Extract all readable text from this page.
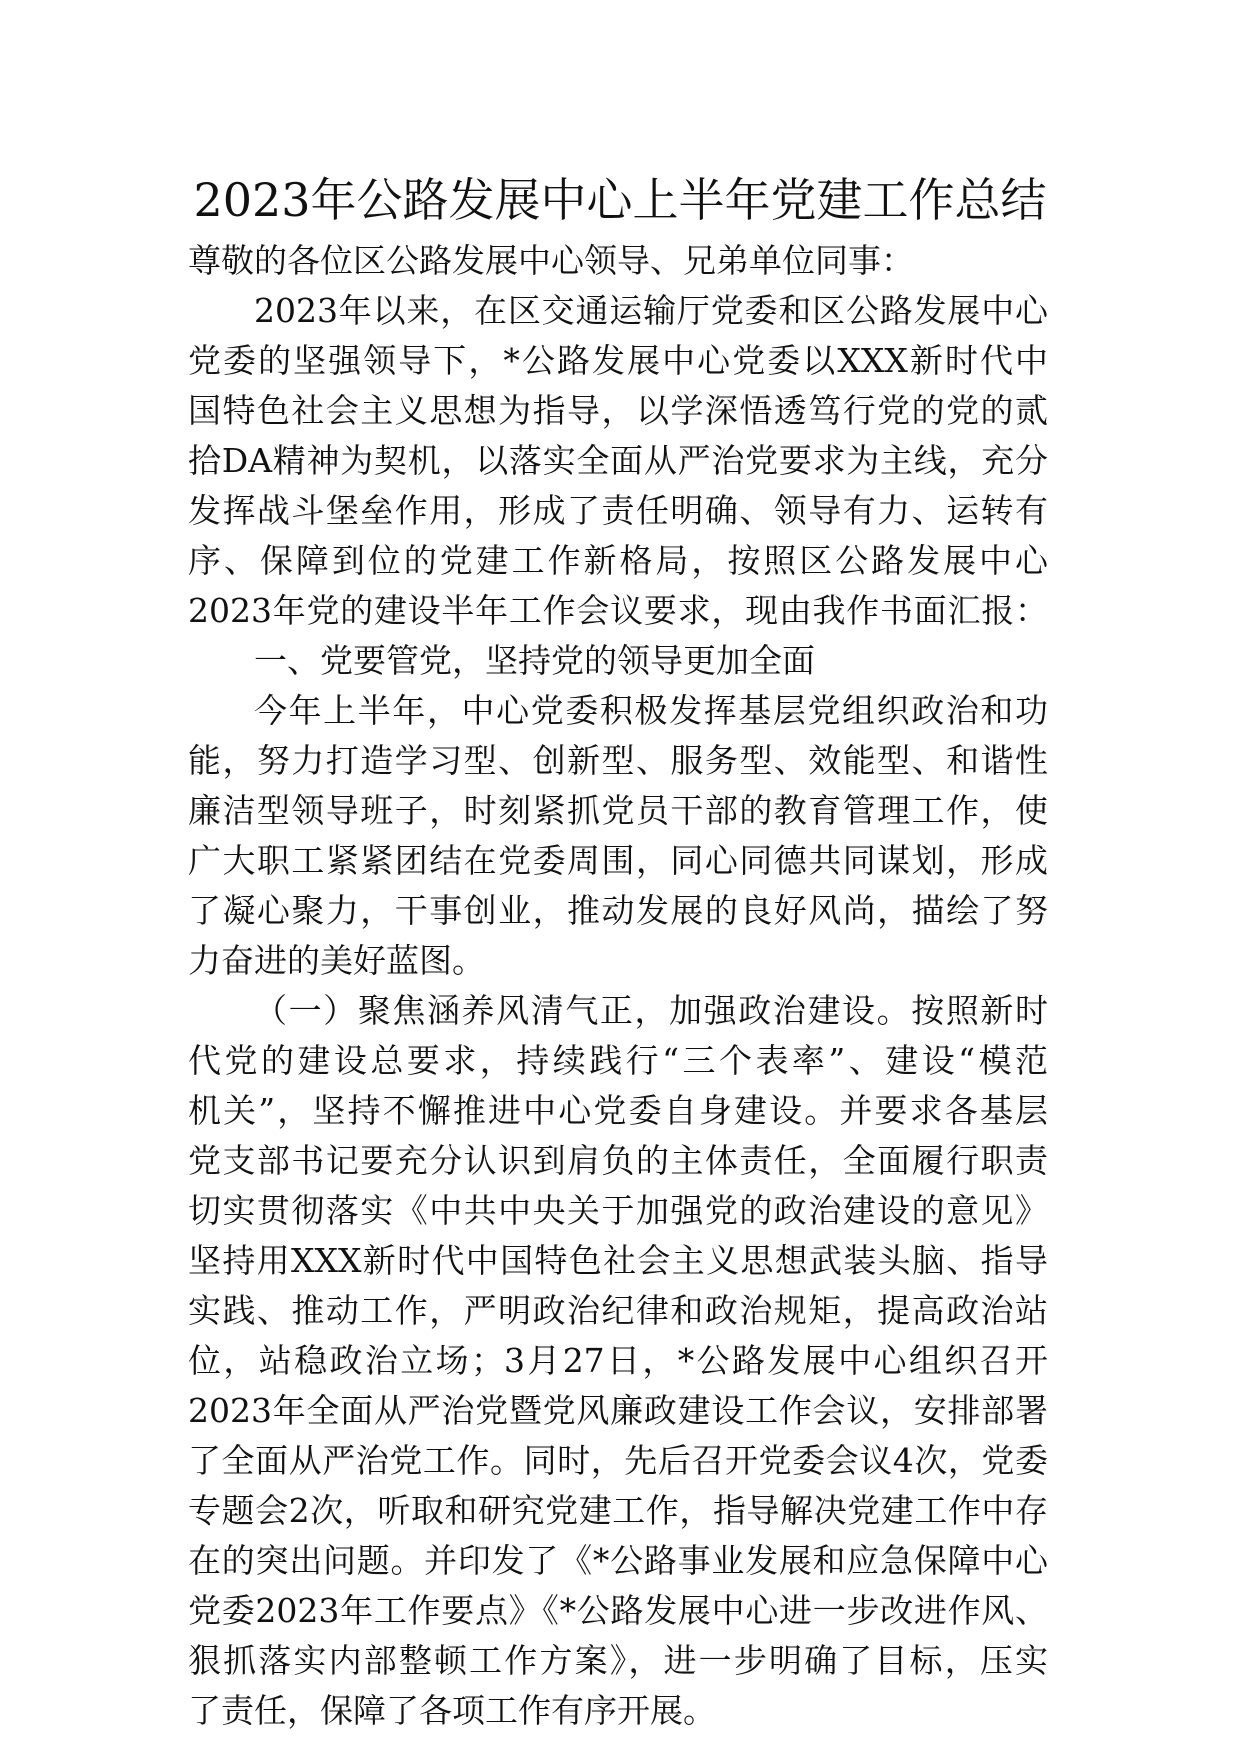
2023年公路发展中心上半年党建工作总结
尊敬的各位区公路发展中心领导、兄弟单位同事：
2023年以来，在区交通运输厅党委和区公路发展中心
党委的坚强领导下，*公路发展中心党委以XXX新时代中
国特色社会主义思想为指导，以学深悟透笃行党的党的贰
拾DA精神为契机，以落实全面从严治党要求为主线，充分
发挥战斗堡垒作用，形成了责任明确、领导有力、运转有
序、保障到位的党建工作新格局，按照区公路发展中心
2023年党的建设半年工作会议要求，现由我作书面汇报：
一、党要管党，坚持党的领导更加全面
今年上半年，中心党委积极发挥基层党组织政治和功
能，努力打造学习型、创新型、服务型、效能型、和谐性
廉洁型领导班子，时刻紧抓党员干部的教育管理工作，使
广大职工紧紧团结在党委周围，同心同德共同谋划，形成
了凝心聚力，干事创业，推动发展的良好风尚，描绘了努
力奋进的美好蓝图。
（一）聚焦涵养风清气正，加强政治建设。按照新时
代党的建设总要求，持续践行“三个表率”、建设“模范
机关”，坚持不懈推进中心党委自身建设。并要求各基层
党支部书记要充分认识到肩负的主体责任，全面履行职责
切实贯彻落实《中共中央关于加强党的政治建设的意见》
坚持用XXX新时代中国特色社会主义思想武装头脑、指导
实践、推动工作，严明政治纪律和政治规矩，提高政治站
位，站稳政治立场；3月27日，*公路发展中心组织召开
2023年全面从严治党暨党风廉政建设工作会议，安排部署
了全面从严治党工作。同时，先后召开党委会议4次，党委
专题会2次，听取和研究党建工作，指导解决党建工作中存
在的突出问题。并印发了《*公路事业发展和应急保障中心
党委2023年工作要点》《*公路发展中心进一步改进作风、
狠抓落实内部整顿工作方案》，进一步明确了目标，压实
了责任，保障了各项工作有序开展。
